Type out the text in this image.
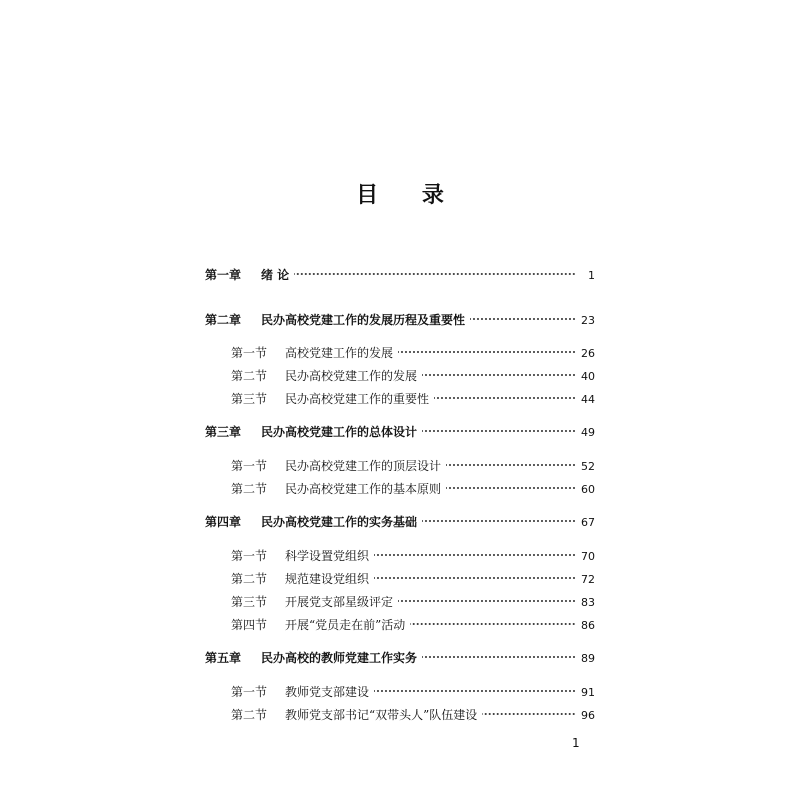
目 录
第一章	绪 论	1
第二章	民办高校党建工作的发展历程及重要性	23
第一节	高校党建工作的发展	26
第二节	民办高校党建工作的发展	40
第三节	民办高校党建工作的重要性	44
第三章	民办高校党建工作的总体设计	49
第一节	民办高校党建工作的顶层设计	52
第二节	民办高校党建工作的基本原则	60
第四章	民办高校党建工作的实务基础	67
第一节	科学设置党组织	70
第二节	规范建设党组织	72
第三节	开展党支部星级评定	83
第四节	开展“党员走在前”活动	86
第五章	民办高校的教师党建工作实务	89
第一节	教师党支部建设	91
第二节	教师党支部书记“双带头人”队伍建设	96
1
